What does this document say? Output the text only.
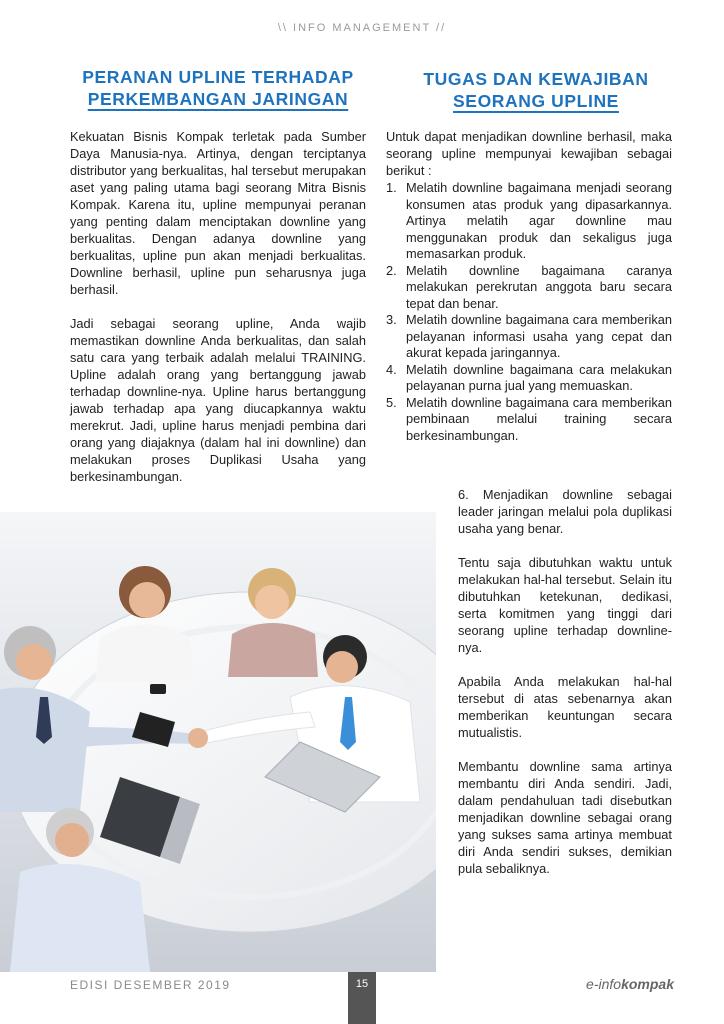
\\ INFO MANAGEMENT //
PERANAN UPLINE TERHADAP
PERKEMBANGAN JARINGAN
TUGAS DAN KEWAJIBAN
SEORANG UPLINE

Kekuatan Bisnis Kompak terletak pada Sumber Daya Manusia-nya. Artinya, dengan terciptanya distributor yang berkualitas, hal tersebut merupakan aset yang paling utama bagi seorang Mitra Bisnis Kompak. Karena itu, upline mempunyai peranan yang penting dalam menciptakan downline yang berkualitas. Dengan adanya downline yang berkualitas, upline pun akan menjadi berkualitas. Downline berhasil, upline pun seharusnya juga berhasil.

Jadi sebagai seorang upline, Anda wajib memastikan downline Anda berkualitas, dan salah satu cara yang terbaik adalah melalui TRAINING. Upline adalah orang yang bertanggung jawab terhadap downline-nya. Upline harus bertanggung jawab terhadap apa yang diucapkannya waktu merekrut. Jadi, upline harus menjadi pembina dari orang yang diajaknya (dalam hal ini downline) dan melakukan proses Duplikasi Usaha yang berkesinambungan.

Untuk dapat menjadikan downline berhasil, maka seorang upline mempunyai kewajiban sebagai berikut :
1. Melatih downline bagaimana menjadi seorang konsumen atas produk yang dipasarkannya. Artinya melatih agar downline mau menggunakan produk dan sekaligus juga memasarkan produk.
2. Melatih downline bagaimana caranya melakukan perekrutan anggota baru secara tepat dan benar.
3. Melatih downline bagaimana cara memberikan pelayanan informasi usaha yang cepat dan akurat kepada jaringannya.
4. Melatih downline bagaimana cara melakukan pelayanan purna jual yang memuaskan.
5. Melatih downline bagaimana cara memberikan pembinaan melalui training secara berkesinambungan.

6. Menjadikan downline sebagai leader jaringan melalui pola duplikasi usaha yang benar.

Tentu saja dibutuhkan waktu untuk melakukan hal-hal tersebut. Selain itu dibutuhkan ketekunan, dedikasi, serta komitmen yang tinggi dari seorang upline terhadap downline-nya.

Apabila Anda melakukan hal-hal tersebut di atas sebenarnya akan memberikan keuntungan secara mutualistis.

Membantu downline sama artinya membantu diri Anda sendiri. Jadi, dalam pendahuluan tadi disebutkan menjadikan downline sebagai orang yang sukses sama artinya membuat diri Anda sendiri sukses, demikian pula sebaliknya.

EDISI DESEMBER 2019	15	e-infokompak
